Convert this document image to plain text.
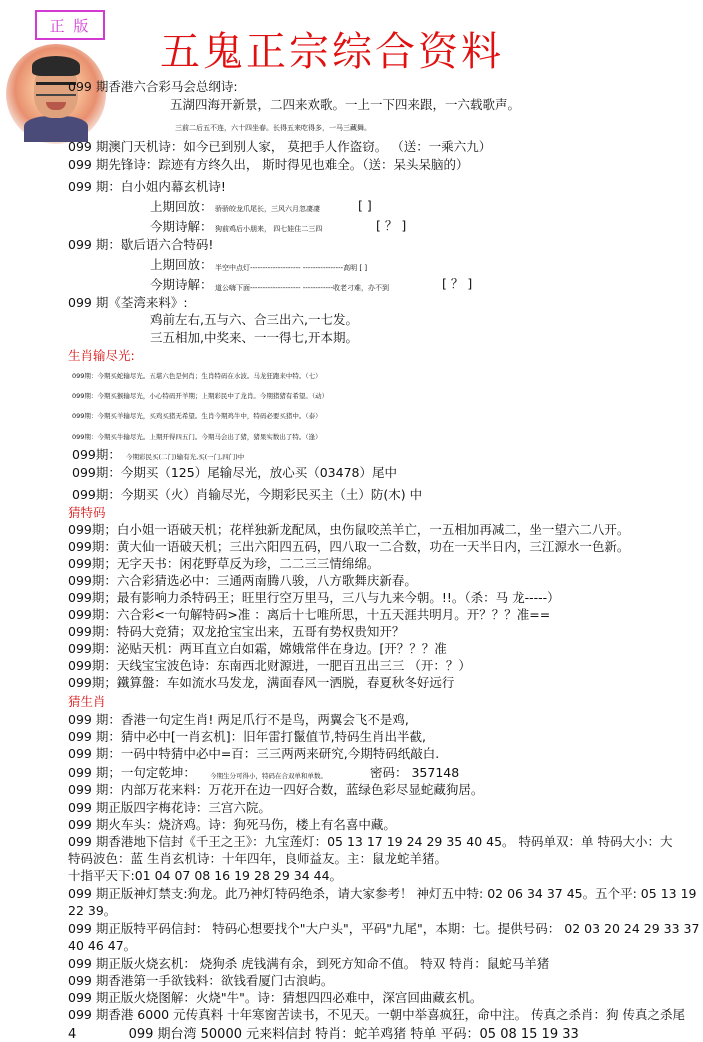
正 版
五鬼正宗综合资料
099 期香港六合彩马会总纲诗:
五湖四海开新景，二四来欢歌。一上一下四来跟，一六载歌声。
三前二后五不连，六十四坐春。长得五来吃得多，一马三藏舞。
099 期澳门天机诗：如今已到别人家， 莫把手人作盗窃。 （送：一乘六九）
099 期先锋诗：踪迹有方终久出， 斯时得见也难全。（送：呆头呆脑的）
099 期：白小姐内幕玄机诗!
上期回放： 骄骄皎龙爪尾长，三风六月忽凄凄	[ ]
今期诗解： 狗前鸡后小朋来， 四七娃住二三四	[ ？ ]
099 期：歇后语六合特码!
上期回放： 半空中点灯-------------------- ----------------高明 [ ]
今期诗解： 道公嗨下面-------------------- ------------收老刁难，办不到	[ ？ ]
099 期《荃湾来料》:
鸡前左右,五与六、合三出六,一七发。
三五相加,中奖来、一一得七,开本期。
生肖输尽光:
099期：今期买蛇输尽光。五堪六色是何肖；生肖特码在水波。马龙狂跑来中特。（七）
099期：今期买猴输尽光，小心特码开羊期；上期彩民中了龙肖。今期猪猪有希望。（动）
099期：今期买羊输尽光，买鸡买猪无希望。生肖今期鸡牛中，特码必要买猪中。（泰）
099期：今期买牛输尽光。上期开得四五门。今期马会出了猪，猪果实数出了特。（逢）
099期： 今期彩民买(二门)输有光,买(一门,四门)中
099期：今期买（125）尾输尽光，放心买（03478）尾中
099期：今期买（火）肖输尽光，今期彩民买主（土）防(木) 中
猜特码
099期；白小姐一语破天机；花样独新龙配凤，虫伤鼠咬羔羊亡，一五相加再减二，坐一望六二八开。
099期：黄大仙一语破天机；三出六阳四五码，四八取一二合数，功在一天半日内，三江源水一色新。
099期；无字天书：闲花野草反为珍，二二三三情绵绵。
099期：六合彩猜选必中：三通两南腾八骏，八方歌舞庆新春。
099期；最有影响力杀特码王；旺里行空万里马，三八与九来今朝。!!。（杀：马 龙-----）
099期：六合彩<一句解特码>准 ：离后十七唯所思，十五天涯共明月。开？？？准==
099期：特码大竞猜；双龙抢宝宝出来，五哥有势权贵知开？
099期：泌贴天机：两耳直立白如霜，嫦娥常伴在身边。[开？？？准
099期：天线宝宝波色诗：东南西北财源进，一肥百丑出三三 （开：？）
099期；鐵算盤：车如流水马发龙，满面春风一洒脱，春夏秋冬好远行
猜生肖
099 期：香港一句定生肖! 两足爪行不是鸟，两翼会飞不是鸡,
099 期：猜中必中[一肖玄机]：旧年雷打鬣值节,特码生肖出半截,
099 期：一码中特猜中必中=百：三三两两来研究,今期特码纸敲白.
099 期；一句定乾坤： 今期生分可得小，特码在合双单和单数。	密码： 357148
099 期：内部万花来料：万花开在边一四好合数，蓝绿色彩尽显蛇藏狗居。
099 期正版四字梅花诗：三宫六院。
099 期火车头：烧济鸡。诗：狗死马伤，楼上有名喜中藏。
099 期香港地下信封《千王之王》：九宝莲灯：05 13 17 19 24 29 35 40 45。 特码单双：单 特码大小：大
特码波色：蓝 生肖玄机诗：十年四年，良师益友。主：鼠龙蛇羊猪。
十指平天下:01 04 07 08 16 19 28 29 34 44。
099 期正版神灯禁支:狗龙。此乃神灯特码绝杀，请大家参考！ 神灯五中特: 02 06 34 37 45。五个平: 05 13 19
22 39。
099 期正版特平码信封： 特码心想要找个"大户头"，平码"九尾"，本期：七。提供号码： 02 03 20 24 29 33 37
40 46 47。
099 期正版火烧玄机： 烧狗杀 虎钱满有余，到死方知命不值。 特双 特肖：鼠蛇马羊猪
099 期香港第一手欲钱料：欲钱看厦门古浪屿。
099 期正版火烧图解：火烧"牛"。诗：猜想四四必难中，深宫回曲藏玄机。
099 期香港 6000 元传真料 十年寒窗苦读书，不见天。一朝中举喜疯狂，命中注。 传真之杀肖：狗 传真之杀尾
4	099 期台湾 50000 元来料信封 特肖：蛇羊鸡猪 特单 平码：05 08 15 19 33
